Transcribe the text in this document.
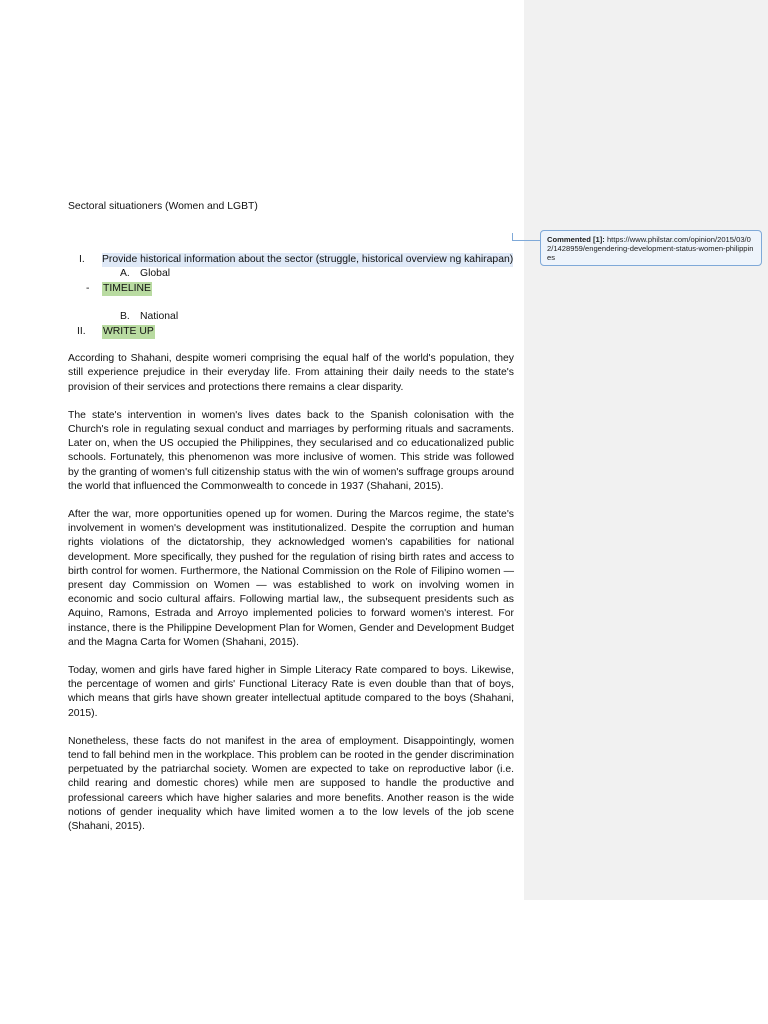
Sectoral situationers (Women and LGBT)

I. Provide historical information about the sector (struggle, historical overview ng kahirapan)
A. Global
- TIMELINE
B. National
II. WRITE UP

According to Shahani, despite womeri comprising the equal half of the world's population, they still experience prejudice in their everyday life. From attaining their daily needs to the state's provision of their services and protections there remains a clear disparity.

The state's intervention in women's lives dates back to the Spanish colonisation with the Church's role in regulating sexual conduct and marriages by performing rituals and sacraments. Later on, when the US occupied the Philippines, they secularised and co educationalized public schools. Fortunately, this phenomenon was more inclusive of women. This stride was followed by the granting of women's full citizenship status with the win of women's suffrage groups around the world that influenced the Commonwealth to concede in 1937 (Shahani, 2015).

After the war, more opportunities opened up for women. During the Marcos regime, the state's involvement in women's development was institutionalized. Despite the corruption and human rights violations of the dictatorship, they acknowledged women's capabilities for national development. More specifically, they pushed for the regulation of rising birth rates and access to birth control for women. Furthermore, the National Commission on the Role of Filipino women — present day Commission on Women — was established to work on involving women in economic and socio cultural affairs. Following martial law,, the subsequent presidents such as Aquino, Ramons, Estrada and Arroyo implemented policies to forward women's interest. For instance, there is the Philippine Development Plan for Women, Gender and Development Budget and the Magna Carta for Women (Shahani, 2015).

Today, women and girls have fared higher in Simple Literacy Rate compared to boys. Likewise, the percentage of women and girls' Functional Literacy Rate is even double than that of boys, which means that girls have shown greater intellectual aptitude compared to the boys (Shahani, 2015).

Nonetheless, these facts do not manifest in the area of employment. Disappointingly, women tend to fall behind men in the workplace. This problem can be rooted in the gender discrimination perpetuated by the patriarchal society. Women are expected to take on reproductive labor (i.e. child rearing and domestic chores) while men are supposed to handle the productive and professional careers which have higher salaries and more benefits. Another reason is the wide notions of gender inequality which have limited women a to the low levels of the job scene (Shahani, 2015).

Commented [1]: https://www.philstar.com/opinion/2015/03/02/1428959/engendering-development-status-women-philippines
